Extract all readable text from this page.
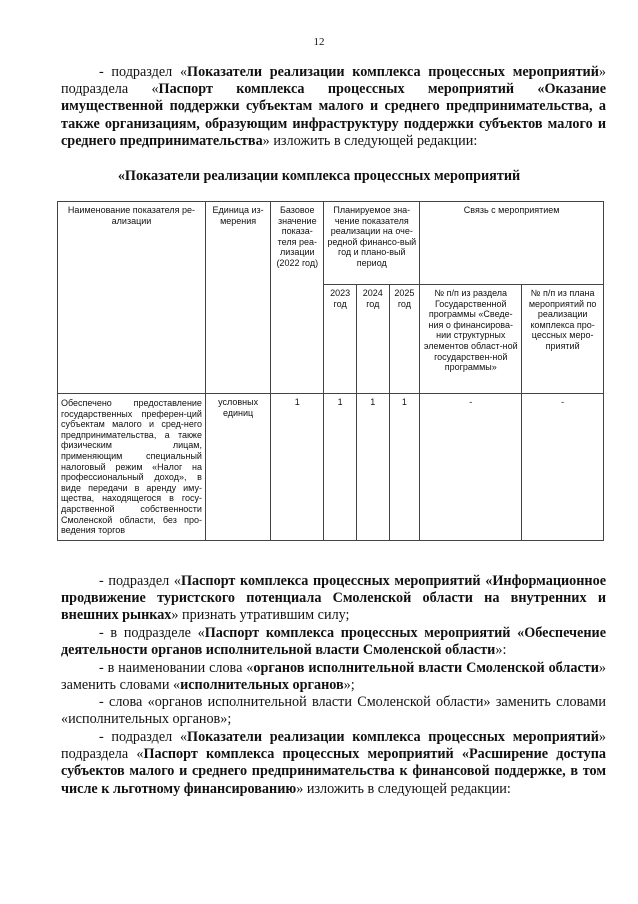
12
- подраздел «Показатели реализации комплекса процессных мероприятий» подраздела «Паспорт комплекса процессных мероприятий «Оказание имущественной поддержки субъектам малого и среднего предпринимательства, а также организациям, образующим инфраструктуру поддержки субъектов малого и среднего предпринимательства» изложить в следующей редакции:
«Показатели реализации комплекса процессных мероприятий
Наименование показателя ре-ализации	Единица из-мерения	Базовое значение показа-теля реа-лизации (2022 год)	Планируемое зна-чение показателя реализации на оче-редной финансо-вый год и плано-вый период			Связь с мероприятием	
			2023 год	2024 год	2025 год	№ п/п из раздела Государственной программы «Сведе-ния о финансирова-нии структурных элементов област-ной государствен-ной программы»	№ п/п из плана мероприятий по реализации комплекса про-цессных меро-приятий
Обеспечено предоставление государственных преферен-ций субъектам малого и сред-него предпринимательства, а также физическим лицам, применяющим специальный налоговый режим «Налог на профессиональный доход», в виде передачи в аренду иму-щества, находящегося в госу-дарственной собственности Смоленской области, без про-ведения торгов	условных единиц	1	1	1	1	-	-
- подраздел «Паспорт комплекса процессных мероприятий «Информационное продвижение туристского потенциала Смоленской области на внутренних и внешних рынках» признать утратившим силу;
- в подразделе «Паспорт комплекса процессных мероприятий «Обеспечение деятельности органов исполнительной власти Смоленской области»:
- в наименовании слова «органов исполнительной власти Смоленской области» заменить словами «исполнительных органов»;
- слова «органов исполнительной власти Смоленской области» заменить словами «исполнительных органов»;
- подраздел «Показатели реализации комплекса процессных мероприятий» подраздела «Паспорт комплекса процессных мероприятий «Расширение доступа субъектов малого и среднего предпринимательства к финансовой поддержке, в том числе к льготному финансированию» изложить в следующей редакции:
